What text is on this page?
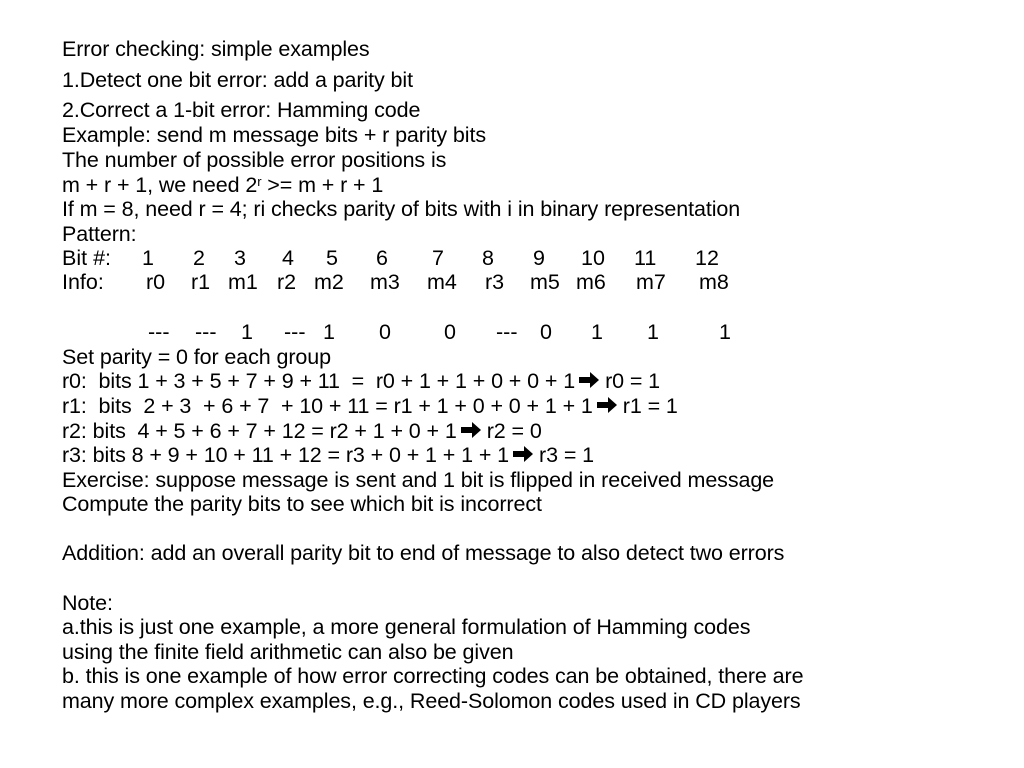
Error checking: simple examples

1.Detect one bit error: add a parity bit

2.Correct a 1-bit error: Hamming code

Example: send m message bits + r parity bits

The number of possible error positions is

m + r + 1, we need $2^r >= m + r + 1$

If m = 8, need r = 4; ri checks parity of bits with i in binary representation

Pattern:

Bit #: 1 2 3 4 5 6 7 8 9 10 11 12
Info: r0 r1 m1 r2 m2 m3 m4 r3 m5 m6 m7 m8
--- --- 1 --- 1 0 0 --- 0 1 1	1

Set parity = 0 for each group

r0:  bits 1 + 3 + 5 + 7 + 9 + 11  =  r0 + 1 + 1 + 0 + 0 + 1 r0 = 1

r1:  bits  2 + 3  + 6 + 7  + 10 + 11 = r1 + 1 + 0 + 0 + 1 + 1 r1 = 1

r2: bits  4 + 5 + 6 + 7 + 12 = r2 + 1 + 0 + 1 r2 = 0

r3: bits 8 + 9 + 10 + 11 + 12 = r3 + 0 + 1 + 1 + 1 r3 = 1

Exercise: suppose message is sent and 1 bit is flipped in received message

Compute the parity bits to see which bit is incorrect

Addition: add an overall parity bit to end of message to also detect two errors

Note:

a.this is just one example, a more general formulation of Hamming codes

using the finite field arithmetic can also be given

b. this is one example of how error correcting codes can be obtained, there are

many more complex examples, e.g., Reed-Solomon codes used in CD players
